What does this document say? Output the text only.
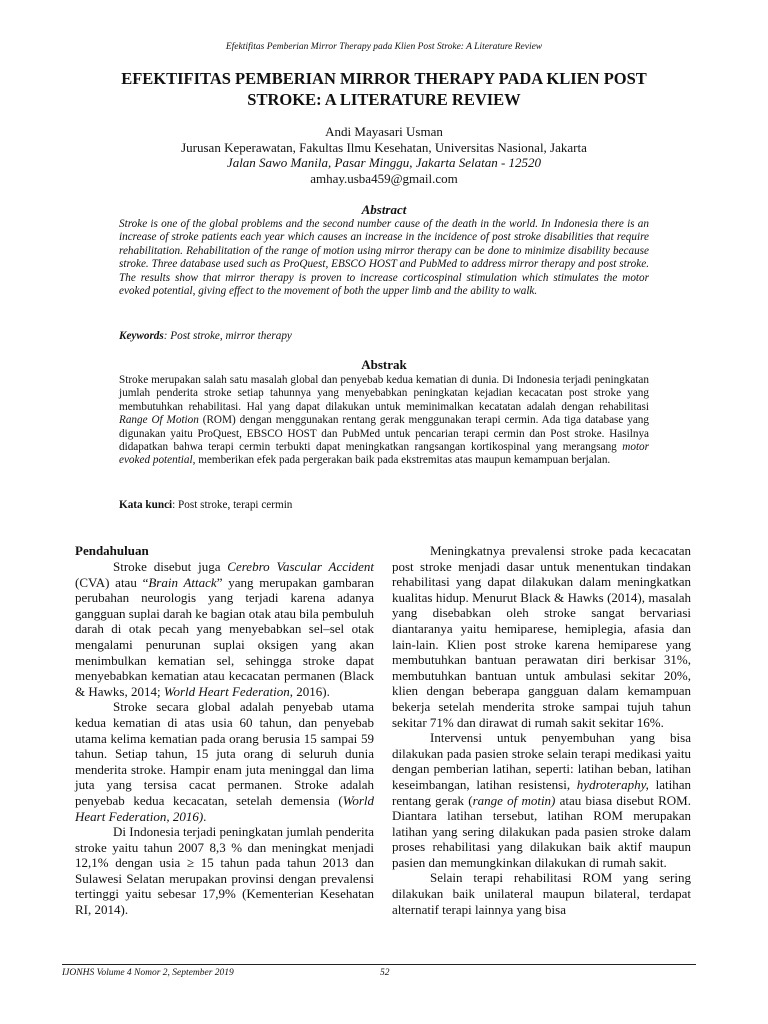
Efektifitas Pemberian Mirror Therapy pada Klien Post Stroke: A Literature Review
EFEKTIFITAS PEMBERIAN MIRROR THERAPY PADA KLIEN POST
STROKE: A LITERATURE REVIEW
Andi Mayasari Usman
Jurusan Keperawatan, Fakultas Ilmu Kesehatan, Universitas Nasional, Jakarta
Jalan Sawo Manila, Pasar Minggu, Jakarta Selatan - 12520
amhay.usba459@gmail.com
Abstract

Stroke is one of the global problems and the second number cause of the death in the world. In Indonesia there is an increase of stroke patients each year which causes an increase in the incidence of post stroke disabilities that require rehabilitation. Rehabilitation of the range of motion using mirror therapy can be done to minimize disability because stroke. Three database used such as ProQuest, EBSCO HOST and PubMed to address mirror therapy and post stroke. The results show that mirror therapy is proven to increase corticospinal stimulation which stimulates the motor evoked potential, giving effect to the movement of both the upper limb and the ability to walk.

Keywords: Post stroke, mirror therapy

Abstrak

Stroke merupakan salah satu masalah global dan penyebab kedua kematian di dunia. Di Indonesia terjadi peningkatan jumlah penderita stroke setiap tahunnya yang menyebabkan peningkatan kejadian kecacatan post stroke yang membutuhkan rehabilitasi. Hal yang dapat dilakukan untuk meminimalkan kecatatan adalah dengan rehabilitasi Range Of Motion (ROM) dengan menggunakan rentang gerak menggunakan terapi cermin. Ada tiga database yang digunakan yaitu ProQuest, EBSCO HOST dan PubMed untuk pencarian terapi cermin dan Post stroke. Hasilnya didapatkan bahwa terapi cermin terbukti dapat meningkatkan rangsangan kortikospinal yang merangsang motor evoked potential, memberikan efek pada pergerakan baik pada ekstremitas atas maupun kemampuan berjalan.

Kata kunci: Post stroke, terapi cermin

Pendahuluan

Stroke disebut juga Cerebro Vascular Accident (CVA) atau “Brain Attack” yang merupakan gambaran perubahan neurologis yang terjadi karena adanya gangguan suplai darah ke bagian otak atau bila pembuluh darah di otak pecah yang menyebabkan sel–sel otak mengalami penurunan suplai oksigen yang akan menimbulkan kematian sel, sehingga stroke dapat menyebabkan kematian atau kecacatan permanen (Black & Hawks, 2014; World Heart Federation, 2016).

Stroke secara global adalah penyebab utama kedua kematian di atas usia 60 tahun, dan penyebab utama kelima kematian pada orang berusia 15 sampai 59 tahun. Setiap tahun, 15 juta orang di seluruh dunia menderita stroke. Hampir enam juta meninggal dan lima juta yang tersisa cacat permanen. Stroke adalah penyebab kedua kecacatan, setelah demensia (World Heart Federation, 2016).

Di Indonesia terjadi peningkatan jumlah penderita stroke yaitu tahun 2007 8,3 % dan meningkat menjadi 12,1% dengan usia ≥ 15 tahun pada tahun 2013 dan Sulawesi Selatan merupakan provinsi dengan prevalensi tertinggi yaitu sebesar 17,9% (Kementerian Kesehatan RI, 2014).

Meningkatnya prevalensi stroke pada kecacatan post stroke menjadi dasar untuk menentukan tindakan rehabilitasi yang dapat dilakukan dalam meningkatkan kualitas hidup. Menurut Black & Hawks (2014), masalah yang disebabkan oleh stroke sangat bervariasi diantaranya yaitu hemiparese, hemiplegia, afasia dan lain-lain. Klien post stroke karena hemiparese yang membutuhkan bantuan perawatan diri berkisar 31%, membutuhkan bantuan untuk ambulasi sekitar 20%, klien dengan beberapa gangguan dalam kemampuan bekerja setelah menderita stroke sampai tujuh tahun sekitar 71% dan dirawat di rumah sakit sekitar 16%.

Intervensi untuk penyembuhan yang bisa dilakukan pada pasien stroke selain terapi medikasi yaitu dengan pemberian latihan, seperti: latihan beban, latihan keseimbangan, latihan resistensi, hydroteraphy, latihan rentang gerak (range of motin) atau biasa disebut ROM. Diantara latihan tersebut, latihan ROM merupakan latihan yang sering dilakukan pada pasien stroke dalam proses rehabilitasi yang dilakukan baik aktif maupun pasien dan memungkinkan dilakukan di rumah sakit.

Selain terapi rehabilitasi ROM yang sering dilakukan baik unilateral maupun bilateral, terdapat alternatif terapi lainnya yang bisa

IJONHS Volume 4 Nomor 2, September 2019	52
